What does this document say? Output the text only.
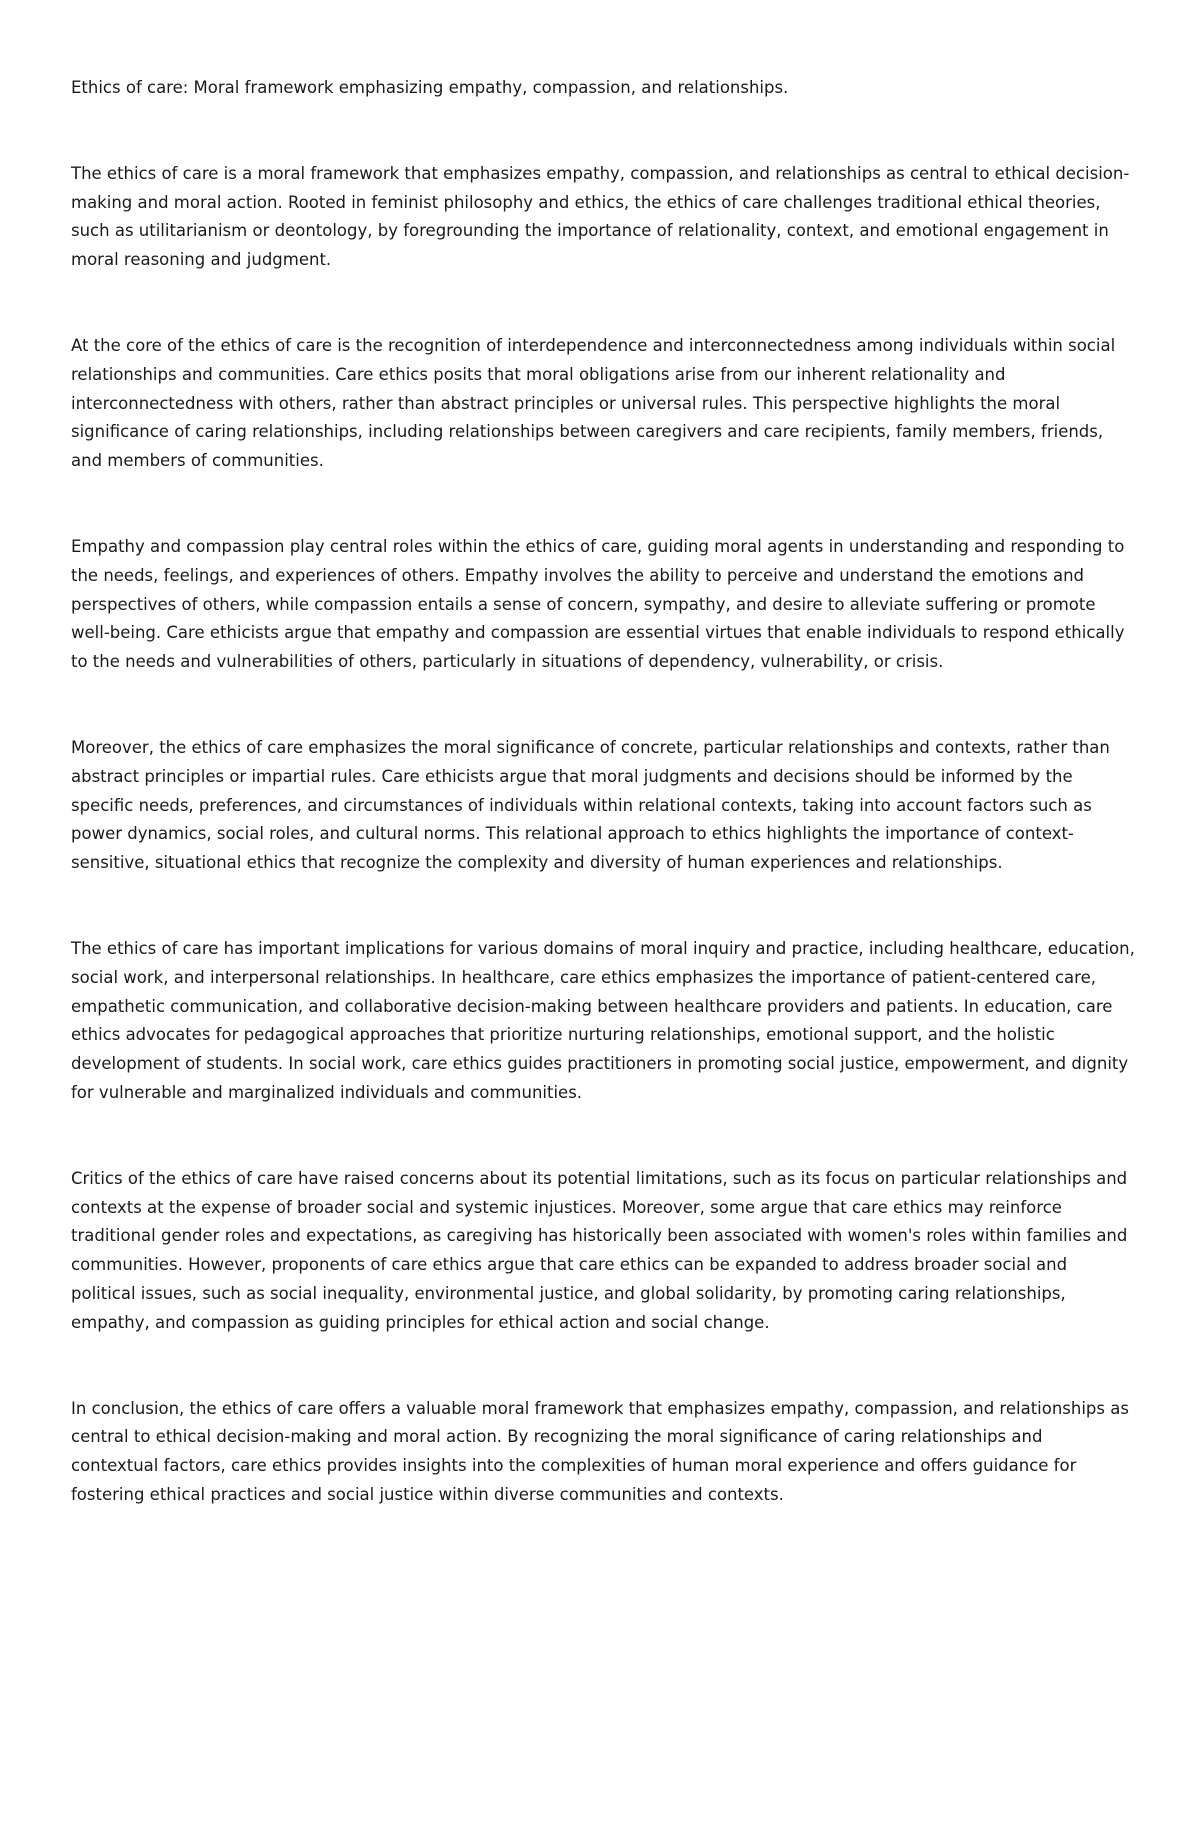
Ethics of care: Moral framework emphasizing empathy, compassion, and relationships.

The ethics of care is a moral framework that emphasizes empathy, compassion, and relationships as central to ethical decision-making and moral action. Rooted in feminist philosophy and ethics, the ethics of care challenges traditional ethical theories, such as utilitarianism or deontology, by foregrounding the importance of relationality, context, and emotional engagement in moral reasoning and judgment.

At the core of the ethics of care is the recognition of interdependence and interconnectedness among individuals within social relationships and communities. Care ethics posits that moral obligations arise from our inherent relationality and interconnectedness with others, rather than abstract principles or universal rules. This perspective highlights the moral significance of caring relationships, including relationships between caregivers and care recipients, family members, friends, and members of communities.

Empathy and compassion play central roles within the ethics of care, guiding moral agents in understanding and responding to the needs, feelings, and experiences of others. Empathy involves the ability to perceive and understand the emotions and perspectives of others, while compassion entails a sense of concern, sympathy, and desire to alleviate suffering or promote well-being. Care ethicists argue that empathy and compassion are essential virtues that enable individuals to respond ethically to the needs and vulnerabilities of others, particularly in situations of dependency, vulnerability, or crisis.

Moreover, the ethics of care emphasizes the moral significance of concrete, particular relationships and contexts, rather than abstract principles or impartial rules. Care ethicists argue that moral judgments and decisions should be informed by the specific needs, preferences, and circumstances of individuals within relational contexts, taking into account factors such as power dynamics, social roles, and cultural norms. This relational approach to ethics highlights the importance of context-sensitive, situational ethics that recognize the complexity and diversity of human experiences and relationships.

The ethics of care has important implications for various domains of moral inquiry and practice, including healthcare, education, social work, and interpersonal relationships. In healthcare, care ethics emphasizes the importance of patient-centered care, empathetic communication, and collaborative decision-making between healthcare providers and patients. In education, care ethics advocates for pedagogical approaches that prioritize nurturing relationships, emotional support, and the holistic development of students. In social work, care ethics guides practitioners in promoting social justice, empowerment, and dignity for vulnerable and marginalized individuals and communities.

Critics of the ethics of care have raised concerns about its potential limitations, such as its focus on particular relationships and contexts at the expense of broader social and systemic injustices. Moreover, some argue that care ethics may reinforce traditional gender roles and expectations, as caregiving has historically been associated with women's roles within families and communities. However, proponents of care ethics argue that care ethics can be expanded to address broader social and political issues, such as social inequality, environmental justice, and global solidarity, by promoting caring relationships, empathy, and compassion as guiding principles for ethical action and social change.

In conclusion, the ethics of care offers a valuable moral framework that emphasizes empathy, compassion, and relationships as central to ethical decision-making and moral action. By recognizing the moral significance of caring relationships and contextual factors, care ethics provides insights into the complexities of human moral experience and offers guidance for fostering ethical practices and social justice within diverse communities and contexts.
